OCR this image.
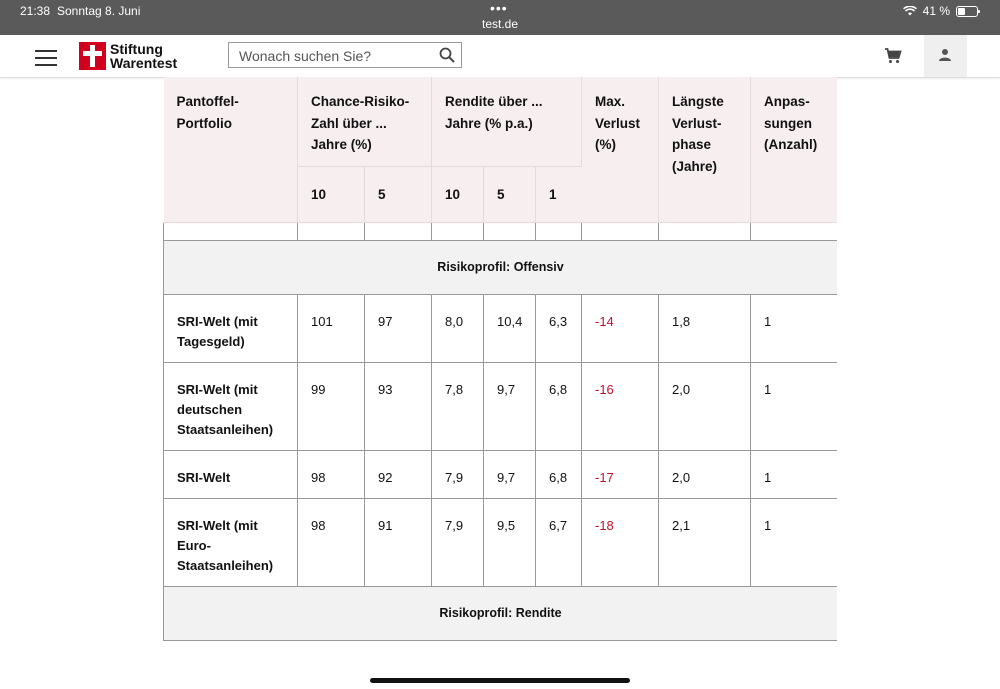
21:38 Sonntag 8. Juni	•••
test.de
41 %
Stiftung
Warentest
Wonach suchen Sie?
Pantoffel-Portfolio	Chance-Risiko-Zahl über ... Jahre (%)		Rendite über ... Jahre (% p.a.)			Max. Verlust (%)	Längste Verlust-phase (Jahre)	Anpas-sungen (Anzahl)
	10	5	10	5	1			

Risikoprofil: Offensiv								
SRI-Welt (mit Tagesgeld)	101	97	8,0	10,4	6,3	-14	1,8	1
SRI-Welt (mit deutschen Staatsanleihen)	99	93	7,8	9,7	6,8	-16	2,0	1
SRI-Welt	98	92	7,9	9,7	6,8	-17	2,0	1
SRI-Welt (mit Euro-Staatsanleihen)	98	91	7,9	9,5	6,7	-18	2,1	1
Risikoprofil: Rendite								
